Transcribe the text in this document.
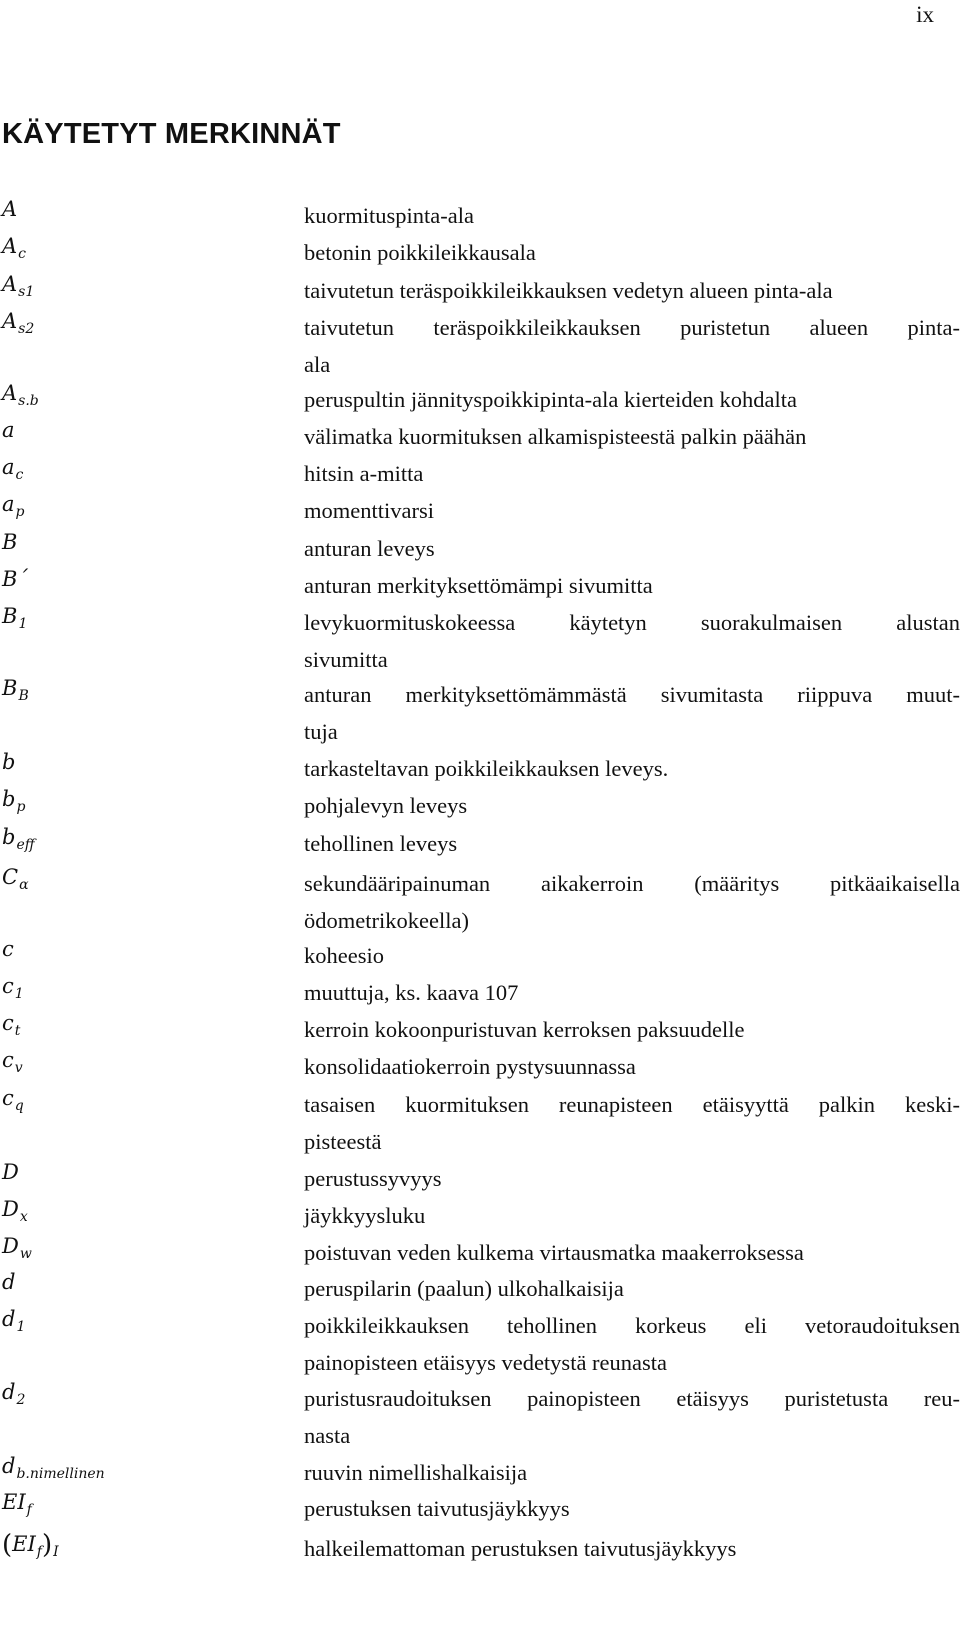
ix
KÄYTETYT MERKINNÄT
A	kuormituspinta-ala
$A_c$	betonin poikkileikkausala
$A_{s1}$	taivutetun teräspoikkileikkauksen vedetyn alueen pinta-ala
$A_{s2}$	taivutetun teräspoikkileikkauksen puristetun alueen pinta-
ala
$A_{s.b}$	peruspultin jännityspoikkipinta-ala kierteiden kohdalta
a	välimatka kuormituksen alkamispisteestä palkin päähän
$a_c$	hitsin a-mitta
$a_p$	momenttivarsi
B	anturan leveys
B´	anturan merkityksettömämpi sivumitta
$B_1$	levykuormituskokeessa käytetyn suorakulmaisen alustan
sivumitta
$B_B$	anturan merkityksettömämmästä sivumitasta riippuva muut-
tuja
b	tarkasteltavan poikkileikkauksen leveys.
$b_p$	pohjalevyn leveys
$b_{eff}$	tehollinen leveys
$C_\alpha$	sekundääripainuman aikakerroin (määritys pitkäaikaisella
ödometrikokeella)
c	koheesio
$c_1$	muuttuja, ks. kaava 107
$c_t$	kerroin kokoonpuristuvan kerroksen paksuudelle
$c_v$	konsolidaatiokerroin pystysuunnassa
$c_q$	tasaisen kuormituksen reunapisteen etäisyyttä palkin keski-
pisteestä
D	perustussyvyys
$D_x$	jäykkyysluku
$D_w$	poistuvan veden kulkema virtausmatka maakerroksessa
d	peruspilarin (paalun) ulkohalkaisija
$d_1$	poikkileikkauksen tehollinen korkeus eli vetoraudoituksen
painopisteen etäisyys vedetystä reunasta
$d_2$	puristusraudoituksen painopisteen etäisyys puristetusta reu-
nasta
$d_{b.nimellinen}$	ruuvin nimellishalkaisija
$EI_f$	perustuksen taivutusjäykkyys
$(EI_f)_I$	halkeilemattoman perustuksen taivutusjäykkyys
